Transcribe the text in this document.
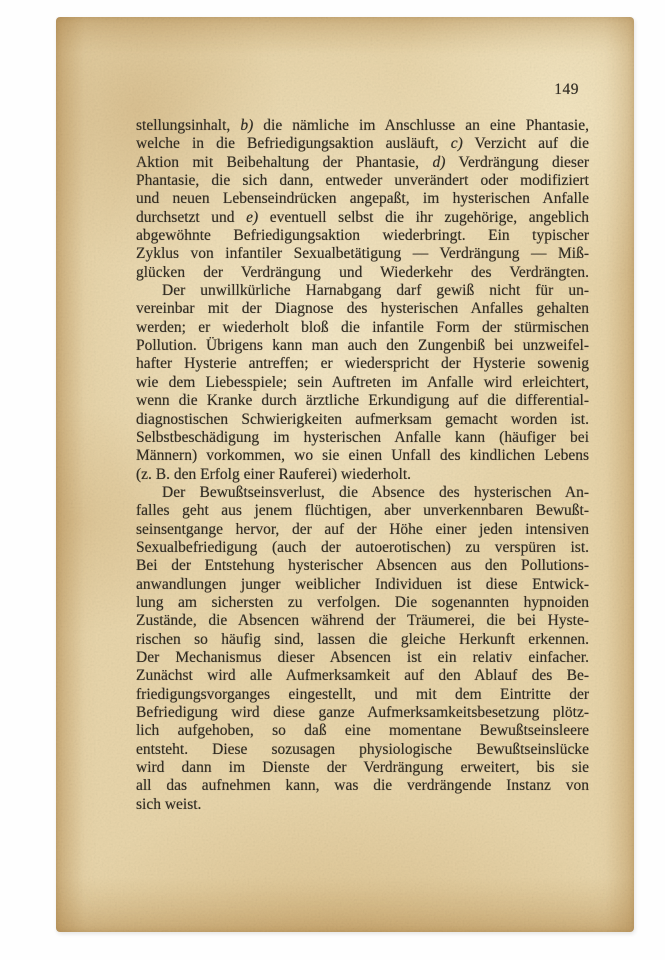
149
stellungsinhalt, b) die nämliche im Anschlusse an eine Phantasie,
welche in die Befriedigungsaktion ausläuft, c) Verzicht auf die
Aktion mit Beibehaltung der Phantasie, d) Verdrängung dieser
Phantasie, die sich dann, entweder unverändert oder modifiziert
und neuen Lebenseindrücken angepaßt, im hysterischen Anfalle
durchsetzt und e) eventuell selbst die ihr zugehörige, angeblich
abgewöhnte Befriedigungsaktion wiederbringt. Ein typischer
Zyklus von infantiler Sexualbetätigung — Verdrängung — Miß-
glücken der Verdrängung und Wiederkehr des Verdrängten.
Der unwillkürliche Harnabgang darf gewiß nicht für un-
vereinbar mit der Diagnose des hysterischen Anfalles gehalten
werden; er wiederholt bloß die infantile Form der stürmischen
Pollution. Übrigens kann man auch den Zungenbiß bei unzweifel-
hafter Hysterie antreffen; er wiederspricht der Hysterie sowenig
wie dem Liebesspiele; sein Auftreten im Anfalle wird erleichtert,
wenn die Kranke durch ärztliche Erkundigung auf die differential-
diagnostischen Schwierigkeiten aufmerksam gemacht worden ist.
Selbstbeschädigung im hysterischen Anfalle kann (häufiger bei
Männern) vorkommen, wo sie einen Unfall des kindlichen Lebens
(z. B. den Erfolg einer Rauferei) wiederholt.
Der Bewußtseinsverlust, die Absence des hysterischen An-
falles geht aus jenem flüchtigen, aber unverkennbaren Bewußt-
seinsentgange hervor, der auf der Höhe einer jeden intensiven
Sexualbefriedigung (auch der autoerotischen) zu verspüren ist.
Bei der Entstehung hysterischer Absencen aus den Pollutions-
anwandlungen junger weiblicher Individuen ist diese Entwick-
lung am sichersten zu verfolgen. Die sogenannten hypnoiden
Zustände, die Absencen während der Träumerei, die bei Hyste-
rischen so häufig sind, lassen die gleiche Herkunft erkennen.
Der Mechanismus dieser Absencen ist ein relativ einfacher.
Zunächst wird alle Aufmerksamkeit auf den Ablauf des Be-
friedigungsvorganges eingestellt, und mit dem Eintritte der
Befriedigung wird diese ganze Aufmerksamkeitsbesetzung plötz-
lich aufgehoben, so daß eine momentane Bewußtseinsleere
entsteht. Diese sozusagen physiologische Bewußtseinslücke
wird dann im Dienste der Verdrängung erweitert, bis sie
all das aufnehmen kann, was die verdrängende Instanz von
sich weist.
